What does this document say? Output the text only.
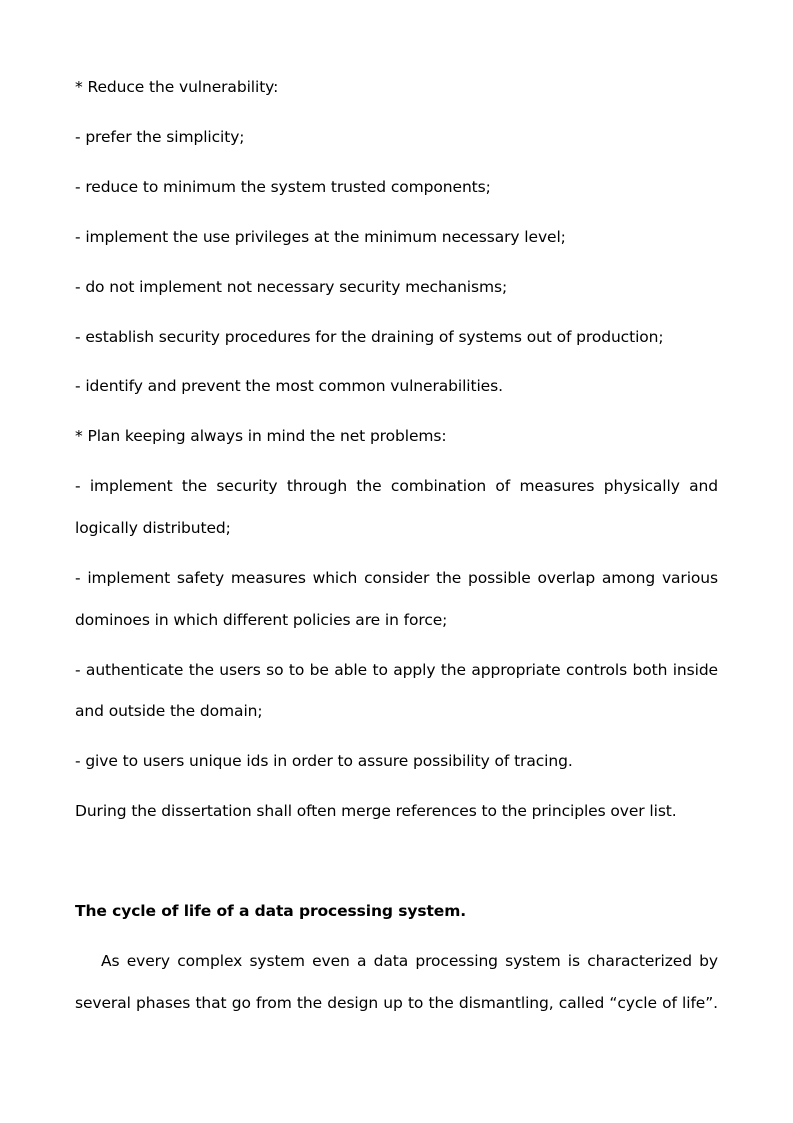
* Reduce the vulnerability:
- prefer the simplicity;
- reduce to minimum the system trusted components;
- implement the use privileges at the minimum necessary level;
- do not implement not necessary security mechanisms;
- establish security procedures for the draining of systems out of production;
- identify and prevent the most common vulnerabilities.
* Plan keeping always in mind the net problems:
- implement the security through the combination of measures physically and
logically distributed;
- implement safety measures which consider the possible overlap among various
dominoes in which different policies are in force;
- authenticate the users so to be able to apply the appropriate controls both inside
and outside the domain;
- give to users unique ids in order to assure possibility of tracing.
During the dissertation shall often merge references to the principles over list.
The cycle of life of a data processing system.
As every complex system even a data processing system is characterized by
several phases that go from the design up to the dismantling, called “cycle of life”.
